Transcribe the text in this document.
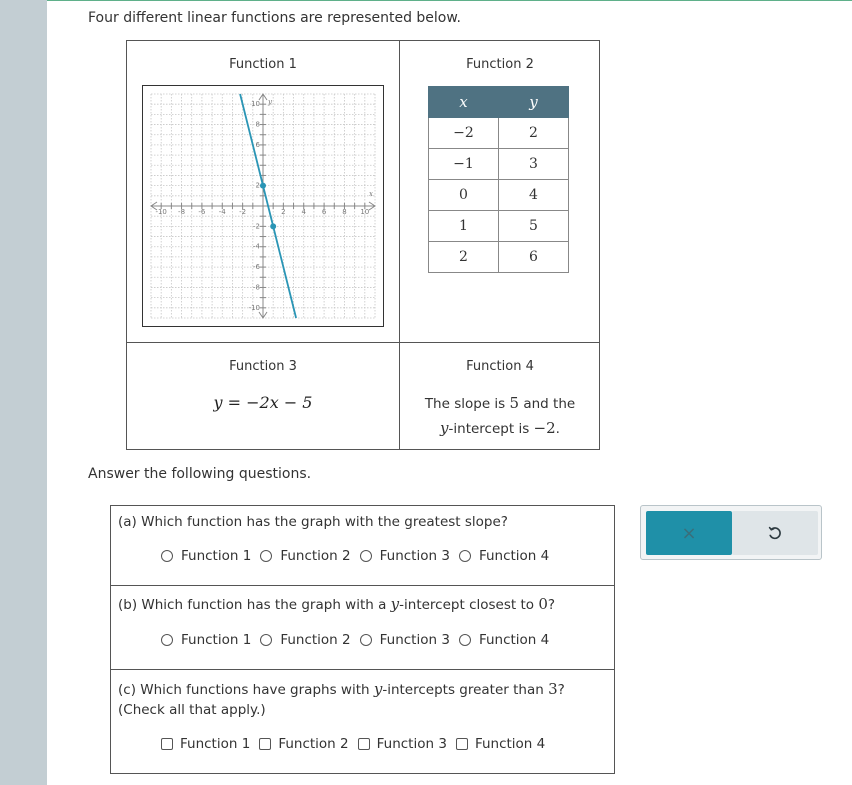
Four different linear functions are represented below.
Function 1
-10 -8 -6 -4 -2	2 4 6 8 10
x
10
8
6
2
-2
-4
-6
-8
-10
y
Function 2
x	y
−2	2
−1	3
0	4
1	5
2	6
Function 3
y = −2x − 5
Function 4
The slope is 5 and the
y-intercept is −2.
Answer the following questions.
(a) Which function has the graph with the greatest slope?
Function 1 Function 2 Function 3 Function 4
(b) Which function has the graph with a y-intercept closest to 0?
Function 1 Function 2 Function 3 Function 4
(c) Which functions have graphs with y-intercepts greater than 3?
(Check all that apply.)
Function 1 Function 2 Function 3 Function 4
×
